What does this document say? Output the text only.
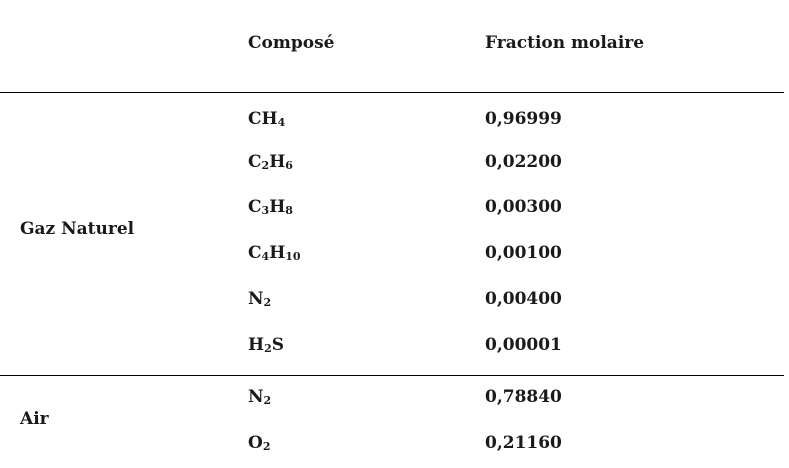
Composé	Fraction molaire
Gaz Naturel
$CH_4$	0,96999
$C_2H_6$	0,02200
$C_3H_8$	0,00300
$C_4H_{10}$	0,00100
$N_2$	0,00400
$H_2S$	0,00001
Air
$N_2$	0,78840
$O_2$	0,21160
